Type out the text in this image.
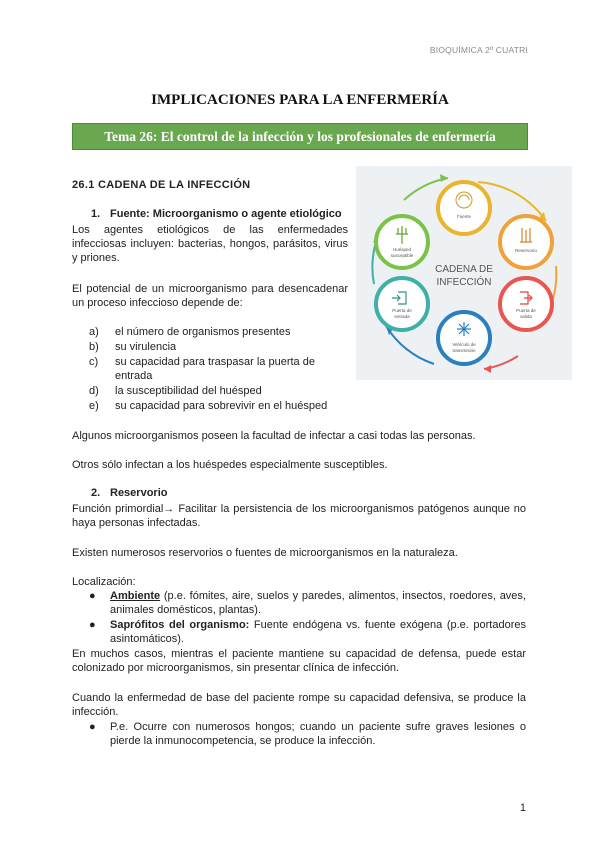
BIOQUÍMICA 2º CUATRI
IMPLICACIONES PARA LA ENFERMERÍA
Tema 26: El control de la infección y los profesionales de enfermería
26.1 CADENA DE LA INFECCIÓN
1. Fuente: Microorganismo o agente etiológico
Los agentes etiológicos de las enfermedades infecciosas incluyen: bacterias, hongos, parásitos, virus y priones.
El potencial de un microorganismo para desencadenar un proceso infeccioso depende de:
a) el número de organismos presentes
b) su virulencia
c) su capacidad para traspasar la puerta de
entrada
d) la susceptibilidad del huésped
e) su capacidad para sobrevivir en el huésped
Algunos microorganismos poseen la facultad de infectar a casi todas las personas.
Otros sólo infectan a los huéspedes especialmente susceptibles.
2. Reservorio
Función primordial→ Facilitar la persistencia de los microorganismos patógenos aunque no haya personas infectadas.
Existen numerosos reservorios o fuentes de microorganismos en la naturaleza.
Localización:
● Ambiente (p.e. fómites, aire, suelos y paredes, alimentos, insectos, roedores, aves, animales domésticos, plantas).
● Saprófitos del organismo: Fuente endógena vs. fuente exógena (p.e. portadores asintomáticos).
En muchos casos, mientras el paciente mantiene su capacidad de defensa, puede estar colonizado por microorganismos, sin presentar clínica de infección.
Cuando la enfermedad de base del paciente rompe su capacidad defensiva, se produce la infección.
● P.e. Ocurre con numerosos hongos; cuando un paciente sufre graves lesiones o pierde la inmunocompetencia, se produce la infección.
CADENA DE
INFECCIÓN
Fuente
Reservorio
Puerta de
salida
Vehículo de
transmisión
Puerta de
entrada
Huésped
susceptible
1
